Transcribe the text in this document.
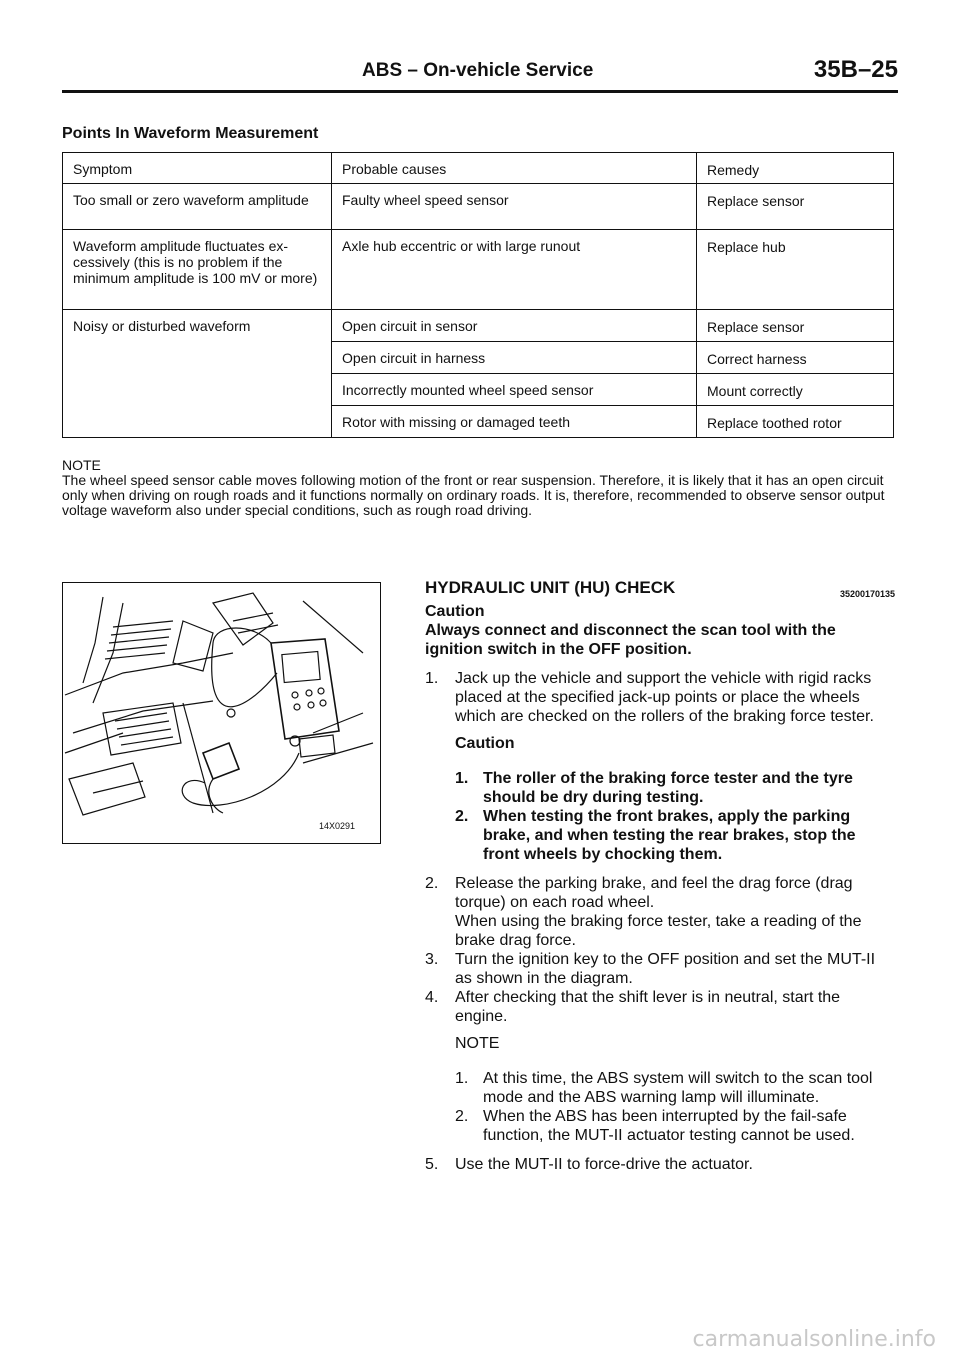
ABS – On-vehicle Service	35B–25
Points In Waveform Measurement
Symptom	Probable causes	Remedy
Too small or zero waveform amplitude	Faulty wheel speed sensor	Replace sensor
Waveform amplitude fluctuates ex-cessively (this is no problem if the minimum amplitude is 100 mV or more)	Axle hub eccentric or with large runout	Replace hub
Noisy or disturbed waveform	Open circuit in sensor	Replace sensor
	Open circuit in harness	Correct harness
	Incorrectly mounted wheel speed sensor	Mount correctly
	Rotor with missing or damaged teeth	Replace toothed rotor

NOTE

The wheel speed sensor cable moves following motion of the front or rear suspension. Therefore, it is likely that it has an open circuit only when driving on rough roads and it functions normally on ordinary roads. It is, therefore, recommended to observe sensor output voltage waveform also under special conditions, such as rough road driving.

14X0291
HYDRAULIC UNIT (HU) CHECK	35200170135

Caution

Always connect and disconnect the scan tool with the ignition switch in the OFF position.

1. Jack up the vehicle and support the vehicle with rigid racks placed at the specified jack-up points or place the wheels which are checked on the rollers of the braking force tester.

Caution

1. The roller of the braking force tester and the tyre should be dry during testing.
2. When testing the front brakes, apply the parking brake, and when testing the rear brakes, stop the front wheels by chocking them.
2. Release the parking brake, and feel the drag force (drag torque) on each road wheel.
When using the braking force tester, take a reading of the brake drag force.
3. Turn the ignition key to the OFF position and set the MUT-II as shown in the diagram.
4. After checking that the shift lever is in neutral, start the engine.

NOTE

1. At this time, the ABS system will switch to the scan tool mode and the ABS warning lamp will illuminate.
2. When the ABS has been interrupted by the fail-safe function, the MUT-II actuator testing cannot be used.
5. Use the MUT-II to force-drive the actuator.
carmanualsonline.info
